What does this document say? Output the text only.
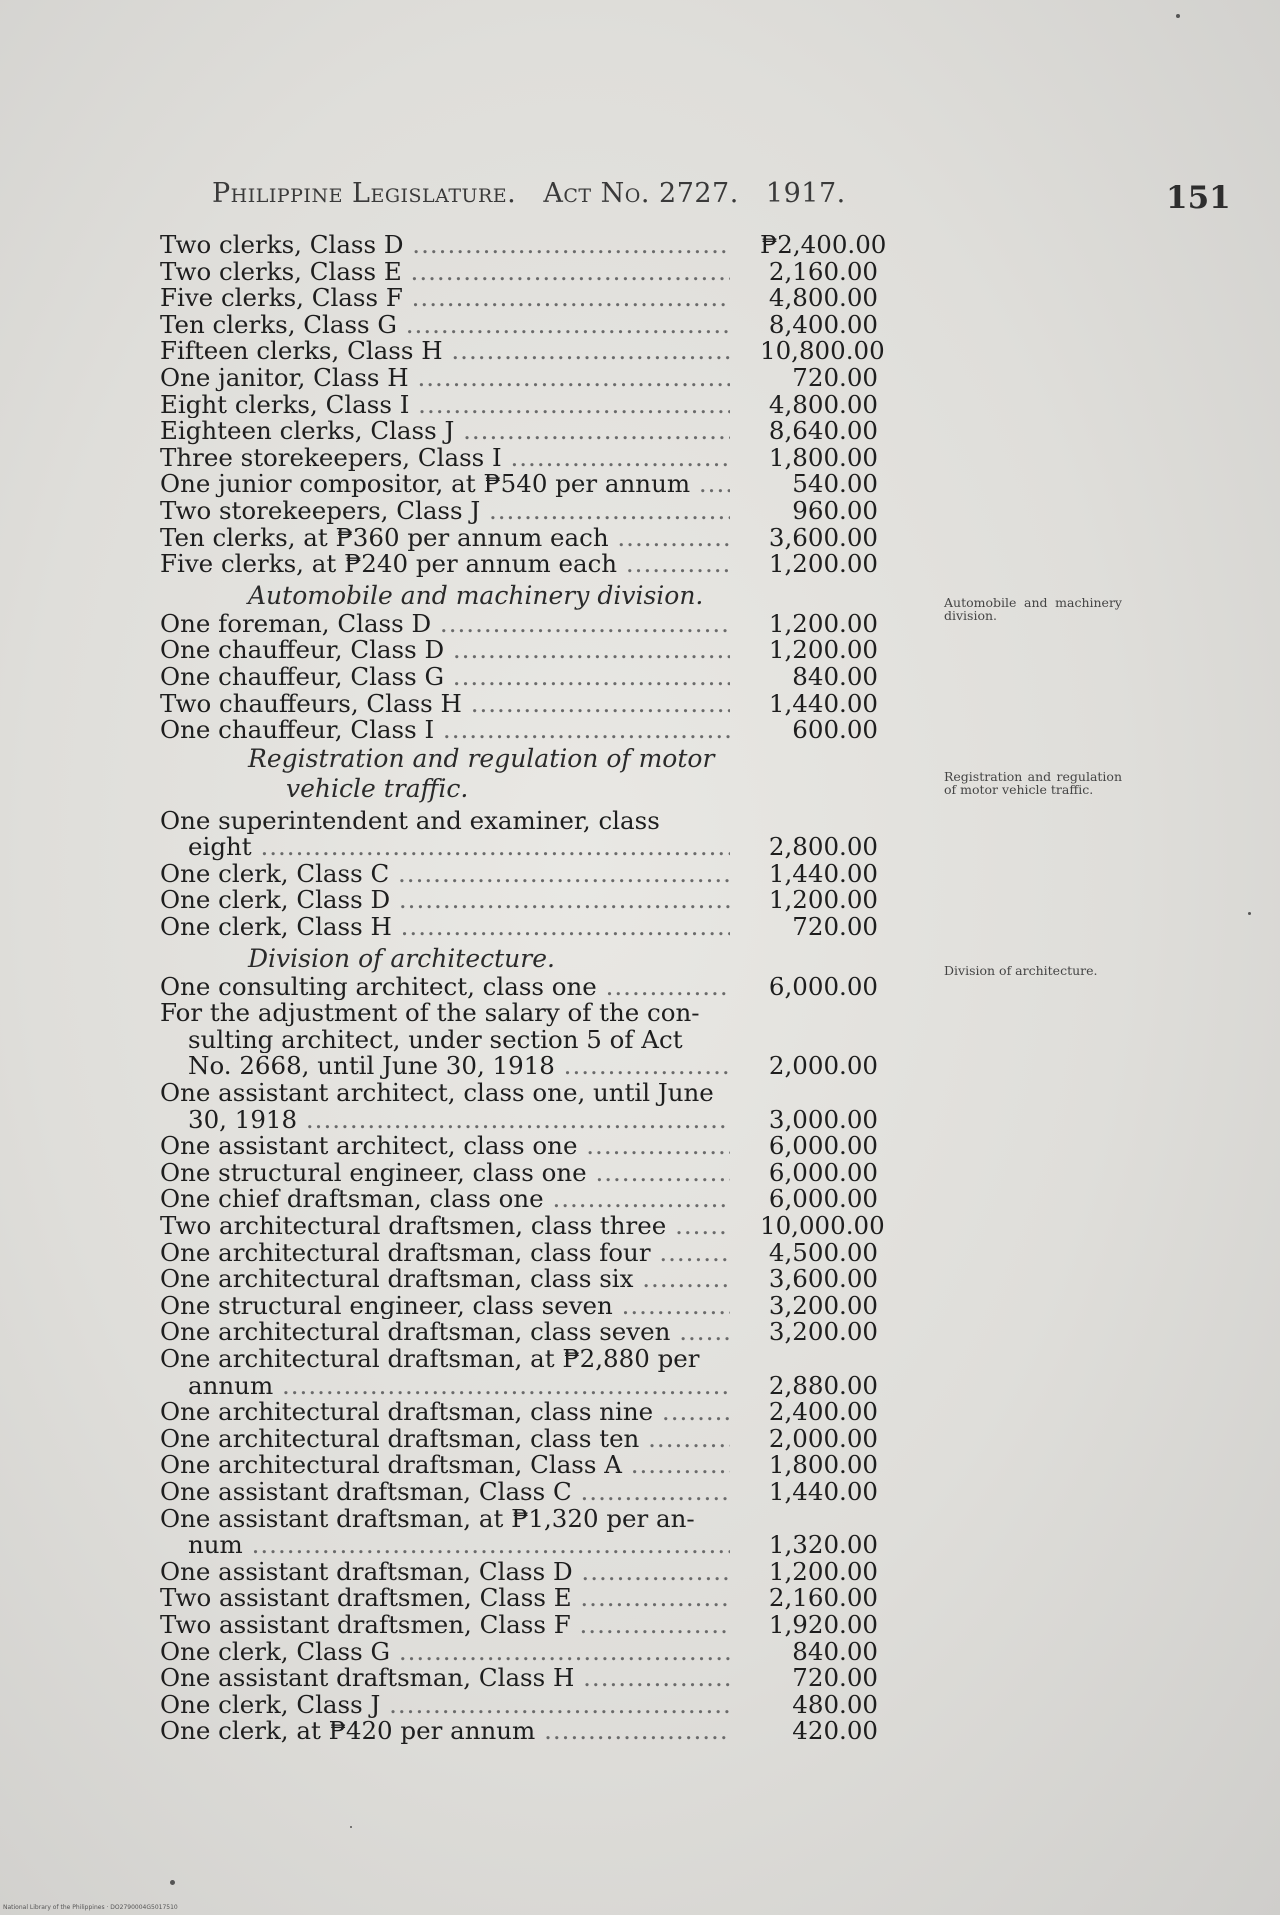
Philippine Legislature. Act No. 2727. 1917.	151
Automobile and machinery division.
Registration and regulation of motor vehicle traffic.
Division of architecture.
Two clerks, Class D .....	₱2,400.00
Two clerks, Class E .....	2,160.00
Five clerks, Class F .....	4,800.00
Ten clerks, Class G .....	8,400.00
Fifteen clerks, Class H .....	10,800.00
One janitor, Class H .....	720.00
Eight clerks, Class I .....	4,800.00
Eighteen clerks, Class J .....	8,640.00
Three storekeepers, Class I .....	1,800.00
One junior compositor, at ₱540 per annum .....	540.00
Two storekeepers, Class J .....	960.00
Ten clerks, at ₱360 per annum each .....	3,600.00
Five clerks, at ₱240 per annum each .....	1,200.00
Automobile and machinery division.
One foreman, Class D .....	1,200.00
One chauffeur, Class D .....	1,200.00
One chauffeur, Class G .....	840.00
Two chauffeurs, Class H .....	1,440.00
One chauffeur, Class I .....	600.00
Registration and regulation of motor
vehicle traffic.
One superintendent and examiner, class
eight .....	2,800.00
One clerk, Class C .....	1,440.00
One clerk, Class D .....	1,200.00
One clerk, Class H .....	720.00
Division of architecture.
One consulting architect, class one .....	6,000.00
For the adjustment of the salary of the con-
sulting architect, under section 5 of Act
No. 2668, until June 30, 1918 .....	2,000.00
One assistant architect, class one, until June
30, 1918 .....	3,000.00
One assistant architect, class one .....	6,000.00
One structural engineer, class one .....	6,000.00
One chief draftsman, class one .....	6,000.00
Two architectural draftsmen, class three .....	10,000.00
One architectural draftsman, class four .....	4,500.00
One architectural draftsman, class six .....	3,600.00
One structural engineer, class seven .....	3,200.00
One architectural draftsman, class seven .....	3,200.00
One architectural draftsman, at ₱2,880 per
annum .....	2,880.00
One architectural draftsman, class nine .....	2,400.00
One architectural draftsman, class ten .....	2,000.00
One architectural draftsman, Class A .....	1,800.00
One assistant draftsman, Class C .....	1,440.00
One assistant draftsman, at ₱1,320 per an-
num .....	1,320.00
One assistant draftsman, Class D .....	1,200.00
Two assistant draftsmen, Class E .....	2,160.00
Two assistant draftsmen, Class F .....	1,920.00
One clerk, Class G .....	840.00
One assistant draftsman, Class H .....	720.00
One clerk, Class J .....	480.00
One clerk, at ₱420 per annum .....	420.00
National Library of the Philippines · DO2790004G5017510
